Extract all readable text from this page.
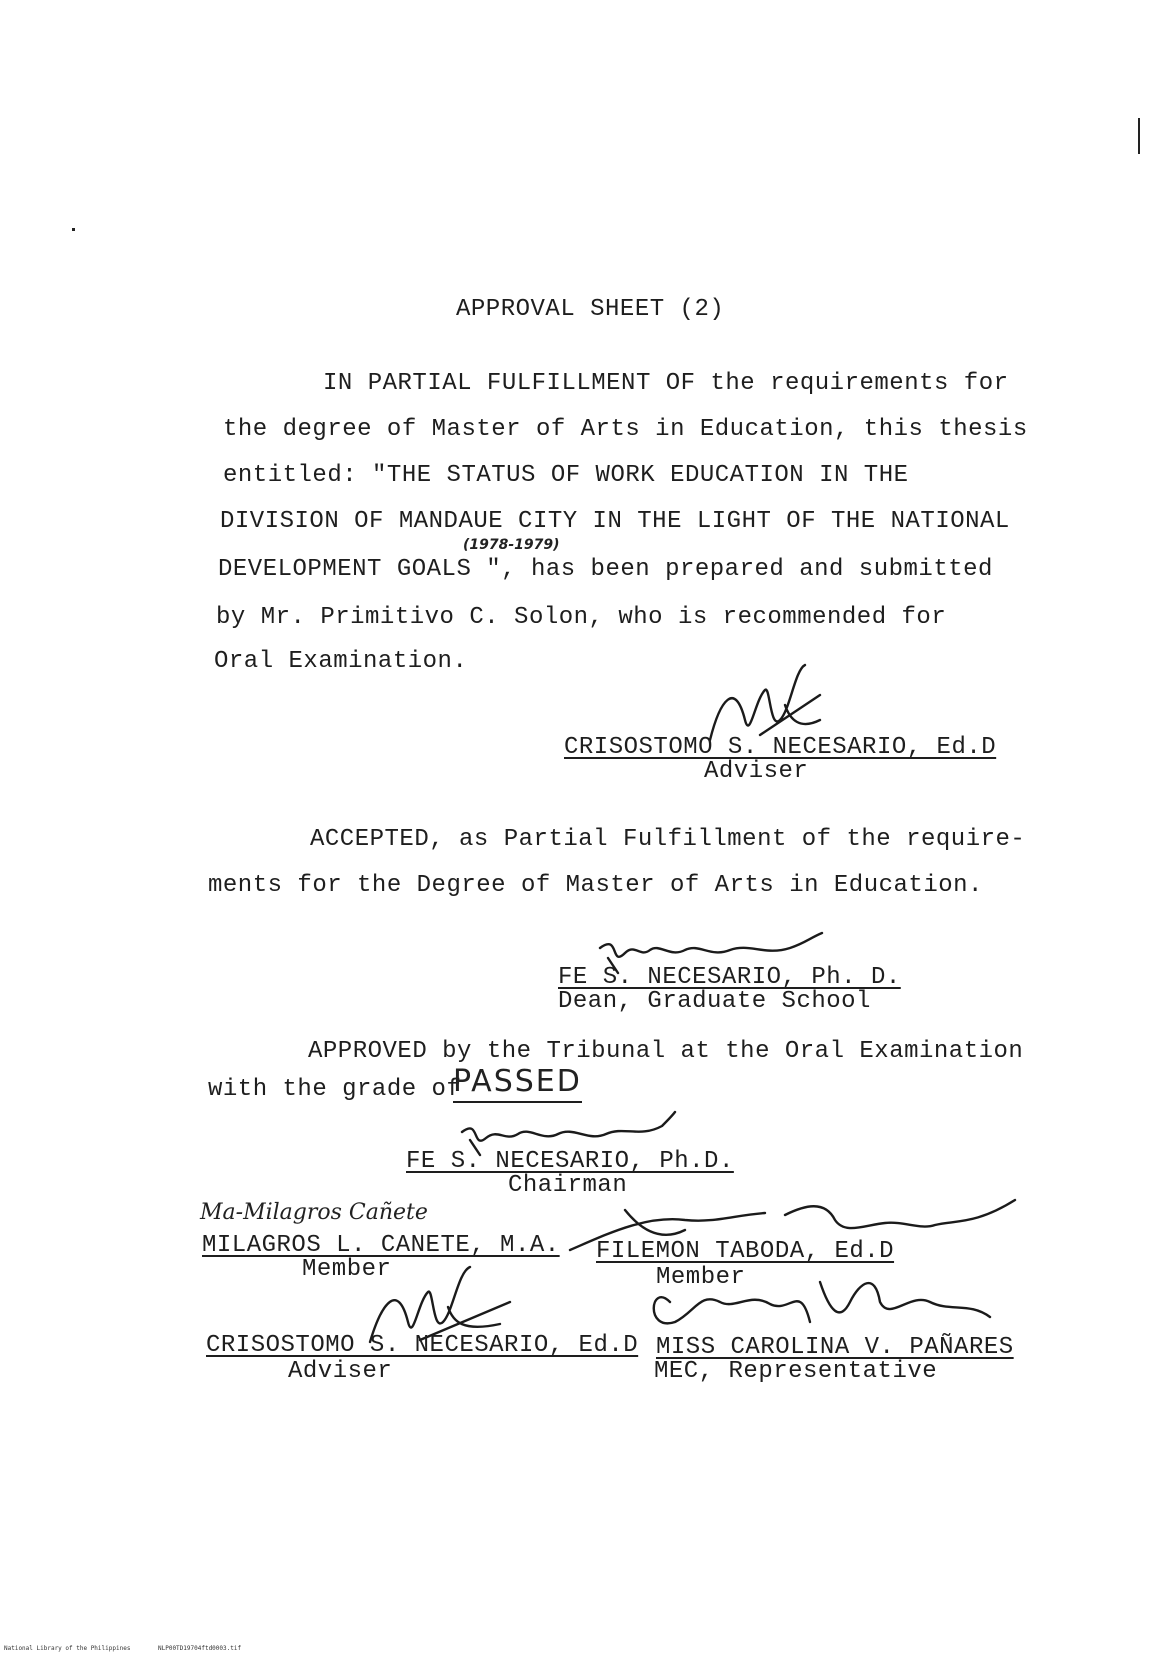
APPROVAL SHEET (2)
IN PARTIAL FULFILLMENT OF the requirements for
the degree of Master of Arts in Education, this thesis
entitled: "THE STATUS OF WORK EDUCATION IN THE
DIVISION OF MANDAUE CITY IN THE LIGHT OF THE NATIONAL
(1978-1979)
DEVELOPMENT GOALS ", has been prepared and submitted
by Mr. Primitivo C. Solon, who is recommended for
Oral Examination.
CRISOSTOMO S. NECESARIO, Ed.D
Adviser
ACCEPTED, as Partial Fulfillment of the require-
ments for the Degree of Master of Arts in Education.
FE S. NECESARIO, Ph. D.
Dean, Graduate School
APPROVED by the Tribunal at the Oral Examination
with the grade of
PASSED
FE S. NECESARIO, Ph.D.
Chairman
Ma-Milagros Cañete
MILAGROS L. CANETE, M.A.
Member
FILEMON TABODA, Ed.D
Member
CRISOSTOMO S. NECESARIO, Ed.D
Adviser
MISS CAROLINA V. PAÑARES
MEC, Representative
National Library of the Philippines	NLP00TD19704ftd0003.tif
